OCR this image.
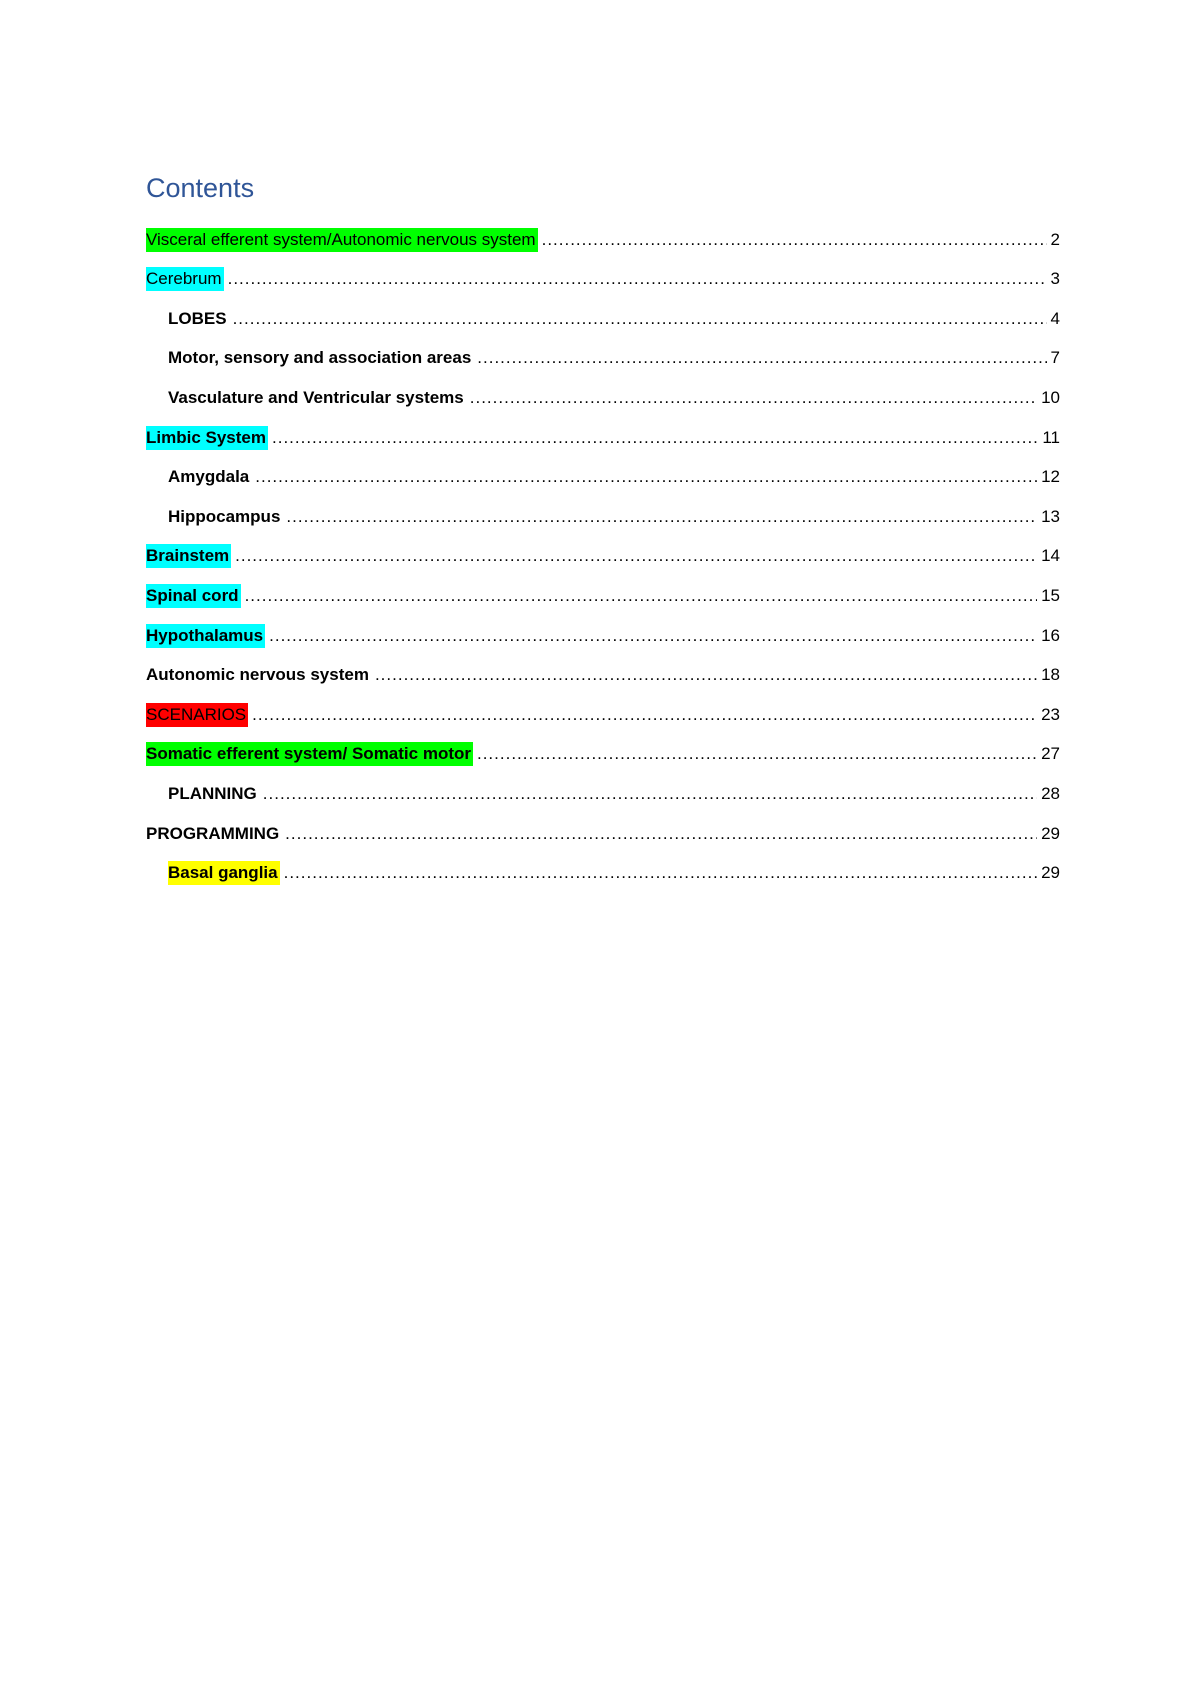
Contents
Visceral efferent system/Autonomic nervous system .....	2
Cerebrum .....	3
LOBES .....	4
Motor, sensory and association areas .....	7
Vasculature and Ventricular systems .....	10
Limbic System .....	11
Amygdala .....	12
Hippocampus .....	13
Brainstem .....	14
Spinal cord .....	15
Hypothalamus .....	16
Autonomic nervous system .....	18
SCENARIOS .....	23
Somatic efferent system/ Somatic motor .....	27
PLANNING .....	28
PROGRAMMING .....	29
Basal ganglia .....	29
